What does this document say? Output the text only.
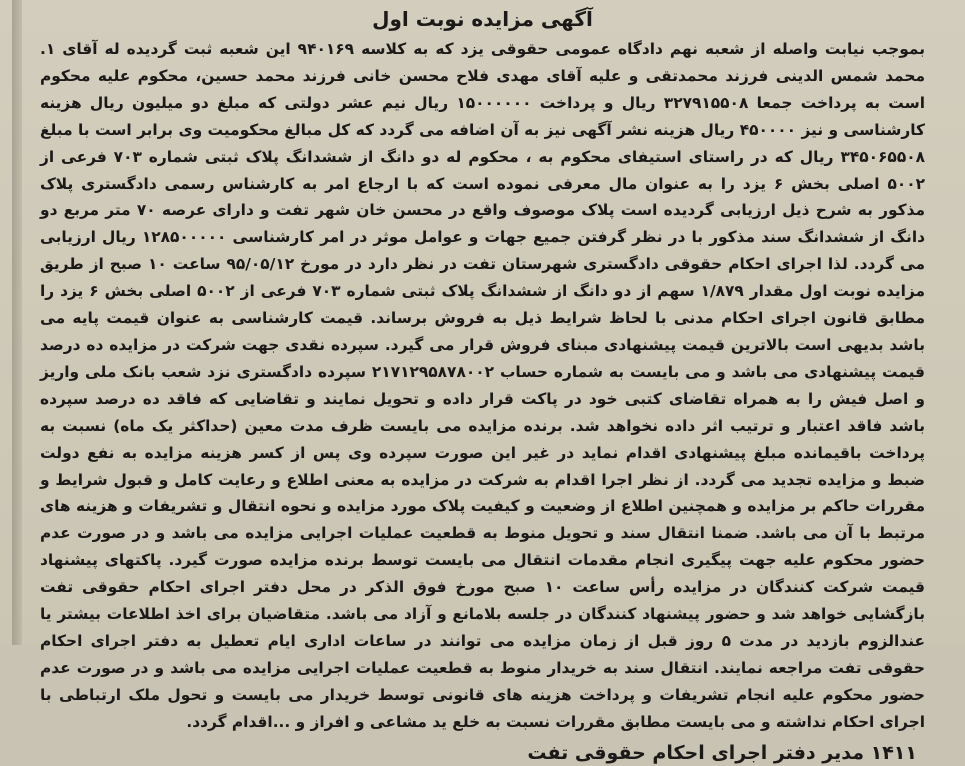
آگهی مزایده نوبت اول

بموجب نیابت واصله از شعبه نهم دادگاه عمومی حقوقی یزد که به کلاسه ۹۴۰۱۶۹ این شعبه ثبت گردیده له آقای ۱. محمد شمس الدینی فرزند محمدتقی و علیه آقای مهدی فلاح محسن خانی فرزند محمد حسین، محکوم علیه محکوم است به پرداخت جمعا ۳۲۷۹۱۵۵۰۸ ریال و پرداخت ۱۵۰۰۰۰۰۰ ریال نیم عشر دولتی که مبلغ دو میلیون ریال هزینه کارشناسی و نیز ۴۵۰۰۰۰ ریال هزینه نشر آگهی نیز به آن اضافه می گردد که کل مبالغ محکومیت وی برابر است با مبلغ ۳۴۵۰۶۵۵۰۸ ریال که در راستای استیفای محکوم به ، محکوم له دو دانگ از ششدانگ پلاک ثبتی شماره ۷۰۳ فرعی از ۵۰۰۲ اصلی بخش ۶ یزد را به عنوان مال معرفی نموده است که با ارجاع امر به کارشناس رسمی دادگستری پلاک مذکور به شرح ذیل ارزیابی گردیده است پلاک موصوف واقع در محسن خان شهر تفت و دارای عرصه ۷۰ متر مربع دو دانگ از ششدانگ سند مذکور با در نظر گرفتن جمیع جهات و عوامل موثر در امر کارشناسی ۱۲۸۵۰۰۰۰۰ ریال ارزیابی می گردد. لذا اجرای احکام حقوقی دادگستری شهرستان تفت در نظر دارد در مورخ ۹۵/۰۵/۱۲ ساعت ۱۰ صبح از طریق مزایده نوبت اول مقدار ۱/۸۷۹ سهم از دو دانگ از ششدانگ پلاک ثبتی شماره ۷۰۳ فرعی از ۵۰۰۲ اصلی بخش ۶ یزد را مطابق قانون اجرای احکام مدنی با لحاظ شرایط ذیل به فروش برساند. قیمت کارشناسی به عنوان قیمت پایه می باشد بدیهی است بالاترین قیمت پیشنهادی مبنای فروش قرار می گیرد. سپرده نقدی جهت شرکت در مزایده ده درصد قیمت پیشنهادی می باشد و می بایست به شماره حساب ۲۱۷۱۲۹۵۸۷۸۰۰۲ سپرده دادگستری نزد شعب بانک ملی واریز و اصل فیش را به همراه تقاضای کتبی خود در پاکت قرار داده و تحویل نمایند و تقاضایی که فاقد ده درصد سپرده باشد فاقد اعتبار و ترتیب اثر داده نخواهد شد. برنده مزایده می بایست ظرف مدت معین (حداکثر یک ماه) نسبت به پرداخت باقیمانده مبلغ پیشنهادی اقدام نماید در غیر این صورت سپرده وی پس از کسر هزینه مزایده به نفع دولت ضبط و مزایده تجدید می گردد. از نظر اجرا اقدام به شرکت در مزایده به معنی اطلاع و رعایت کامل و قبول شرایط و مقررات حاکم بر مزایده و همچنین اطلاع از وضعیت و کیفیت پلاک مورد مزایده و نحوه انتقال و تشریفات و هزینه های مرتبط با آن می باشد. ضمنا انتقال سند و تحویل منوط به قطعیت عملیات اجرایی مزایده می باشد و در صورت عدم حضور محکوم علیه جهت پیگیری انجام مقدمات انتقال می بایست توسط برنده مزایده صورت گیرد. پاکتهای پیشنهاد قیمت شرکت کنندگان در مزایده رأس ساعت ۱۰ صبح مورخ فوق الذکر در محل دفتر اجرای احکام حقوقی تفت بازگشایی خواهد شد و حضور پیشنهاد کنندگان در جلسه بلامانع و آزاد می باشد. متقاضیان برای اخذ اطلاعات بیشتر یا عندالزوم بازدید در مدت ۵ روز قبل از زمان مزایده می توانند در ساعات اداری ایام تعطیل به دفتر اجرای احکام حقوقی تفت مراجعه نمایند. انتقال سند به خریدار منوط به قطعیت عملیات اجرایی مزایده می باشد و در صورت عدم حضور محکوم علیه انجام تشریفات و پرداخت هزینه های قانونی توسط خریدار می بایست و تحول ملک ارتباطی با اجرای احکام نداشته و می بایست مطابق مقررات نسبت به خلع ید مشاعی و افراز و ...اقدام گردد.

۱۴۱۱ مدیر دفتر اجرای احکام حقوقی تفت
